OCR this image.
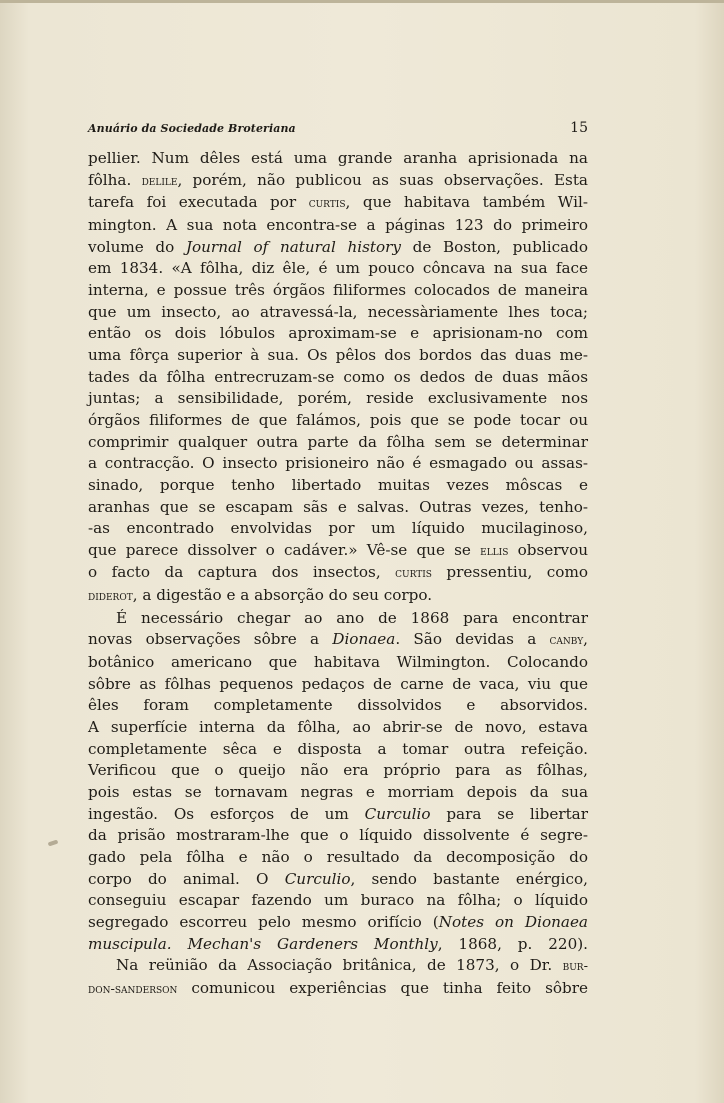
Anuário da Sociedade Broteriana	15
pellier. Num dêles está uma grande aranha aprisionada na
fôlha. delile, porém, não publicou as suas observações. Esta
tarefa foi executada por curtis, que habitava também Wil-
mington. A sua nota encontra-se a páginas 123 do primeiro
volume do Journal of natural history de Boston, publicado
em 1834. «A fôlha, diz êle, é um pouco côncava na sua face
interna, e possue três órgãos filiformes colocados de maneira
que um insecto, ao atravessá-la, necessàriamente lhes toca;
então os dois lóbulos aproximam-se e aprisionam-no com
uma fôrça superior à sua. Os pêlos dos bordos das duas me-
tades da fôlha entrecruzam-se como os dedos de duas mãos
juntas; a sensibilidade, porém, reside exclusivamente nos
órgãos filiformes de que falámos, pois que se pode tocar ou
comprimir qualquer outra parte da fôlha sem se determinar
a contracção. O insecto prisioneiro não é esmagado ou assas-
sinado, porque tenho libertado muitas vezes môscas e
aranhas que se escapam sãs e salvas. Outras vezes, tenho-
-as encontrado envolvidas por um líquido mucilaginoso,
que parece dissolver o cadáver.» Vê-se que se ellis observou
o facto da captura dos insectos, curtis pressentiu, como
diderot, a digestão e a absorção do seu corpo.
É necessário chegar ao ano de 1868 para encontrar
novas observações sôbre a Dionaea. São devidas a canby,
botânico americano que habitava Wilmington. Colocando
sôbre as fôlhas pequenos pedaços de carne de vaca, viu que
êles foram completamente dissolvidos e absorvidos.
A superfície interna da fôlha, ao abrir-se de novo, estava
completamente sêca e disposta a tomar outra refeição.
Verificou que o queijo não era próprio para as fôlhas,
pois estas se tornavam negras e morriam depois da sua
ingestão. Os esforços de um Curculio para se libertar
da prisão mostraram-lhe que o líquido dissolvente é segre-
gado pela fôlha e não o resultado da decomposição do
corpo do animal. O Curculio, sendo bastante enérgico,
conseguiu escapar fazendo um buraco na fôlha; o líquido
segregado escorreu pelo mesmo orifício (Notes on Dionaea
muscipula. Mechan's Gardeners Monthly, 1868, p. 220).
Na reünião da Associação britânica, de 1873, o Dr. bur-
don-sanderson comunicou experiências que tinha feito sôbre
